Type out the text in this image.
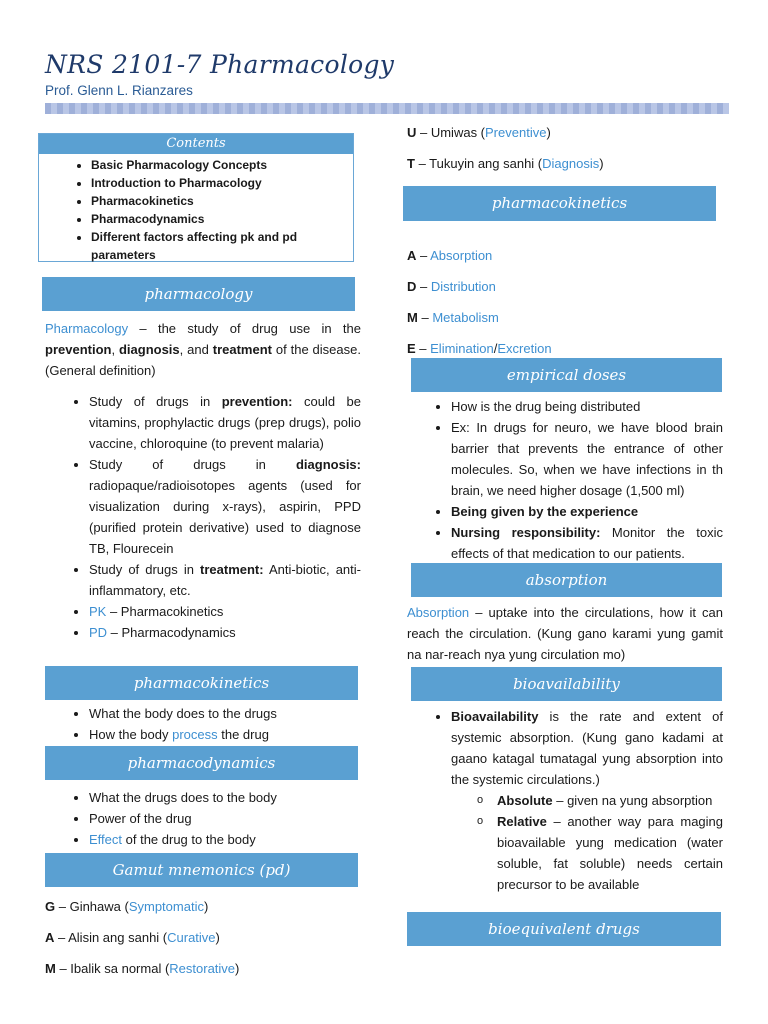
NRS 2101-7 Pharmacology
Prof. Glenn L. Rianzares
Contents
• Basic Pharmacology Concepts
• Introduction to Pharmacology
• Pharmacokinetics
• Pharmacodynamics
• Different factors affecting pk and pd parameters
pharmacology

Pharmacology – the study of drug use in the prevention, diagnosis, and treatment of the disease. (General definition)

• Study of drugs in prevention: could be vitamins, prophylactic drugs (prep drugs), polio vaccine, chloroquine (to prevent malaria)
• Study of drugs in diagnosis: radiopaque/radioisotopes agents (used for visualization during x-rays), aspirin, PPD (purified protein derivative) used to diagnose TB, Flourecein
• Study of drugs in treatment: Anti-biotic, anti-inflammatory, etc.
• PK – Pharmacokinetics
• PD – Pharmacodynamics
pharmacokinetics
• What the body does to the drugs
• How the body process the drug
pharmacodynamics
• What the drugs does to the body
• Power of the drug
• Effect of the drug to the body
Gamut mnemonics (pd)

G – Ginhawa (Symptomatic)

A – Alisin ang sanhi (Curative)

M – Ibalik sa normal (Restorative)

U – Umiwas (Preventive)

T – Tukuyin ang sanhi (Diagnosis)

pharmacokinetics

A – Absorption

D – Distribution

M – Metabolism

E – Elimination/Excretion

empirical doses
• How is the drug being distributed
• Ex: In drugs for neuro, we have blood brain barrier that prevents the entrance of other molecules. So, when we have infections in th brain, we need higher dosage (1,500 ml)
• Being given by the experience
• Nursing responsibility: Monitor the toxic effects of that medication to our patients.
absorption

Absorption – uptake into the circulations, how it can reach the circulation. (Kung gano karami yung gamit na nar-reach nya yung circulation mo)

bioavailability
• Bioavailability is the rate and extent of systemic absorption. (Kung gano kadami at gaano katagal tumatagal yung absorption into the systemic circulations.)
o Absolute – given na yung absorption
o Relative – another way para maging bioavailable yung medication (water soluble, fat soluble) needs certain precursor to be available
bioequivalent drugs
